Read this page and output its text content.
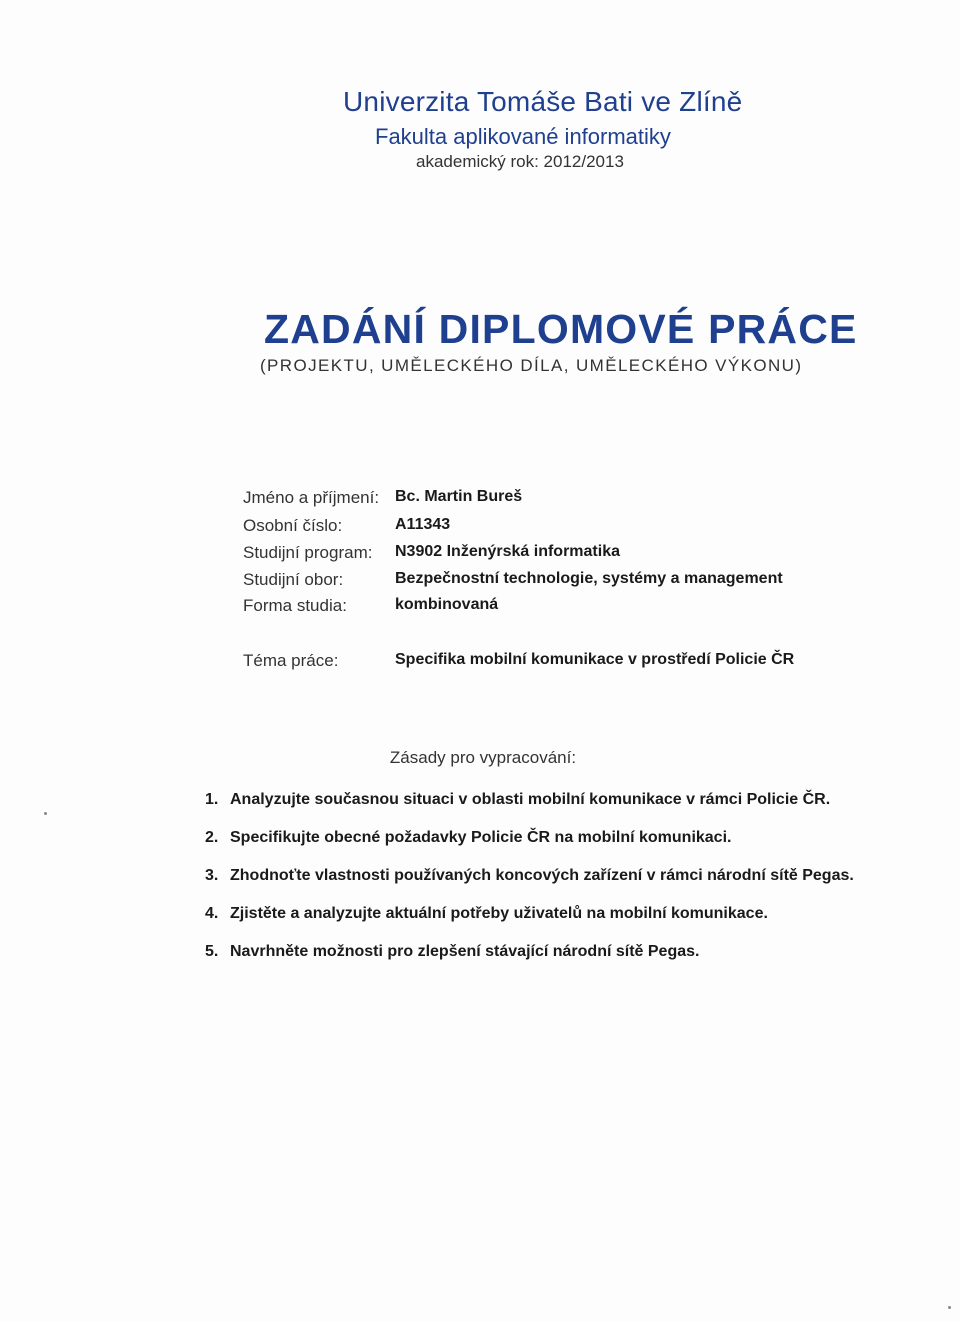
Univerzita Tomáše Bati ve Zlíně
Fakulta aplikované informatiky
akademický rok: 2012/2013
ZADÁNÍ DIPLOMOVÉ PRÁCE
(PROJEKTU, UMĚLECKÉHO DÍLA, UMĚLECKÉHO VÝKONU)
Jméno a příjmení: Bc. Martin Bureš
Osobní číslo:	A11343
Studijní program: N3902 Inženýrská informatika
Studijní obor:	Bezpečnostní technologie, systémy a management
Forma studia:	kombinovaná
Téma práce:	Specifika mobilní komunikace v prostředí Policie ČR
Zásady pro vypracování:
1. Analyzujte současnou situaci v oblasti mobilní komunikace v rámci Policie ČR.
2. Specifikujte obecné požadavky Policie ČR na mobilní komunikaci.
3. Zhodnoťte vlastnosti používaných koncových zařízení v rámci národní sítě Pegas.
4. Zjistěte a analyzujte aktuální potřeby uživatelů na mobilní komunikace.
5. Navrhněte možnosti pro zlepšení stávající národní sítě Pegas.
